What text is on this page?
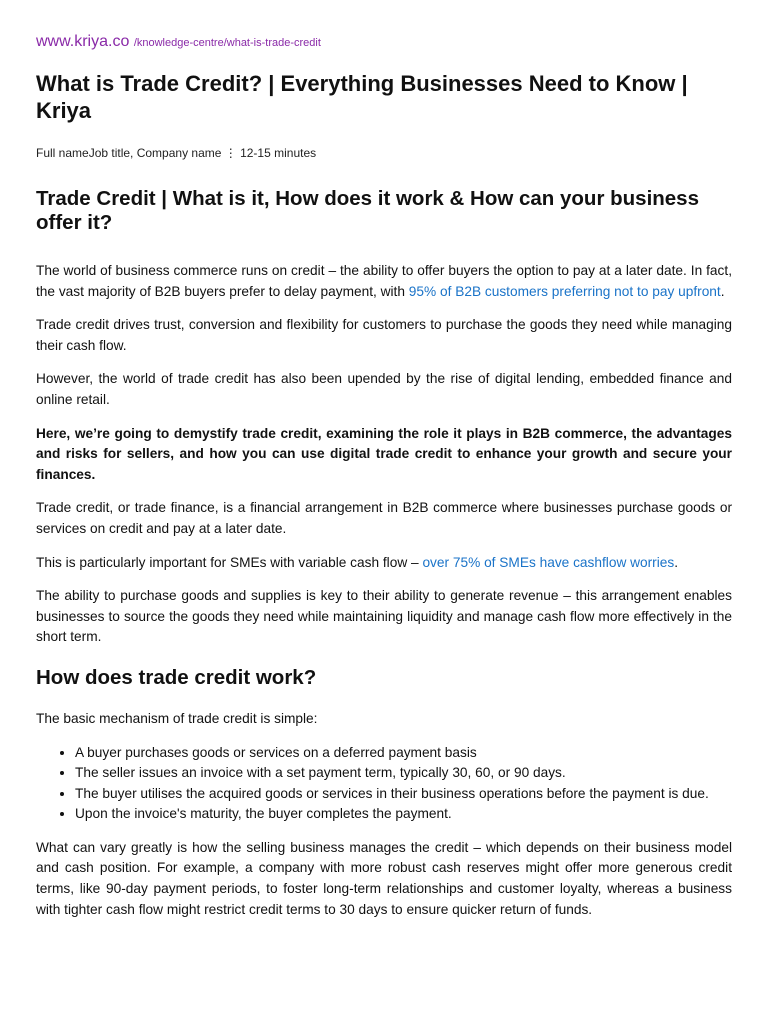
www.kriya.co /knowledge-centre/what-is-trade-credit
What is Trade Credit? | Everything Businesses Need to Know | Kriya
Full nameJob title, Company name ⋮ 12-15 minutes
Trade Credit | What is it, How does it work & How can your business offer it?

The world of business commerce runs on credit – the ability to offer buyers the option to pay at a later date. In fact, the vast majority of B2B buyers prefer to delay payment, with 95% of B2B customers preferring not to pay upfront.

Trade credit drives trust, conversion and flexibility for customers to purchase the goods they need while managing their cash flow.

However, the world of trade credit has also been upended by the rise of digital lending, embedded finance and online retail.

Here, we’re going to demystify trade credit, examining the role it plays in B2B commerce, the advantages and risks for sellers, and how you can use digital trade credit to enhance your growth and secure your finances.

Trade credit, or trade finance, is a financial arrangement in B2B commerce where businesses purchase goods or services on credit and pay at a later date.

This is particularly important for SMEs with variable cash flow – over 75% of SMEs have cashflow worries.

The ability to purchase goods and supplies is key to their ability to generate revenue – this arrangement enables businesses to source the goods they need while maintaining liquidity and manage cash flow more effectively in the short term.

How does trade credit work?

The basic mechanism of trade credit is simple:

• A buyer purchases goods or services on a deferred payment basis
• The seller issues an invoice with a set payment term, typically 30, 60, or 90 days.
• The buyer utilises the acquired goods or services in their business operations before the payment is due.
• Upon the invoice's maturity, the buyer completes the payment.

What can vary greatly is how the selling business manages the credit – which depends on their business model and cash position. For example, a company with more robust cash reserves might offer more generous credit terms, like 90-day payment periods, to foster long-term relationships and customer loyalty, whereas a business with tighter cash flow might restrict credit terms to 30 days to ensure quicker return of funds.
